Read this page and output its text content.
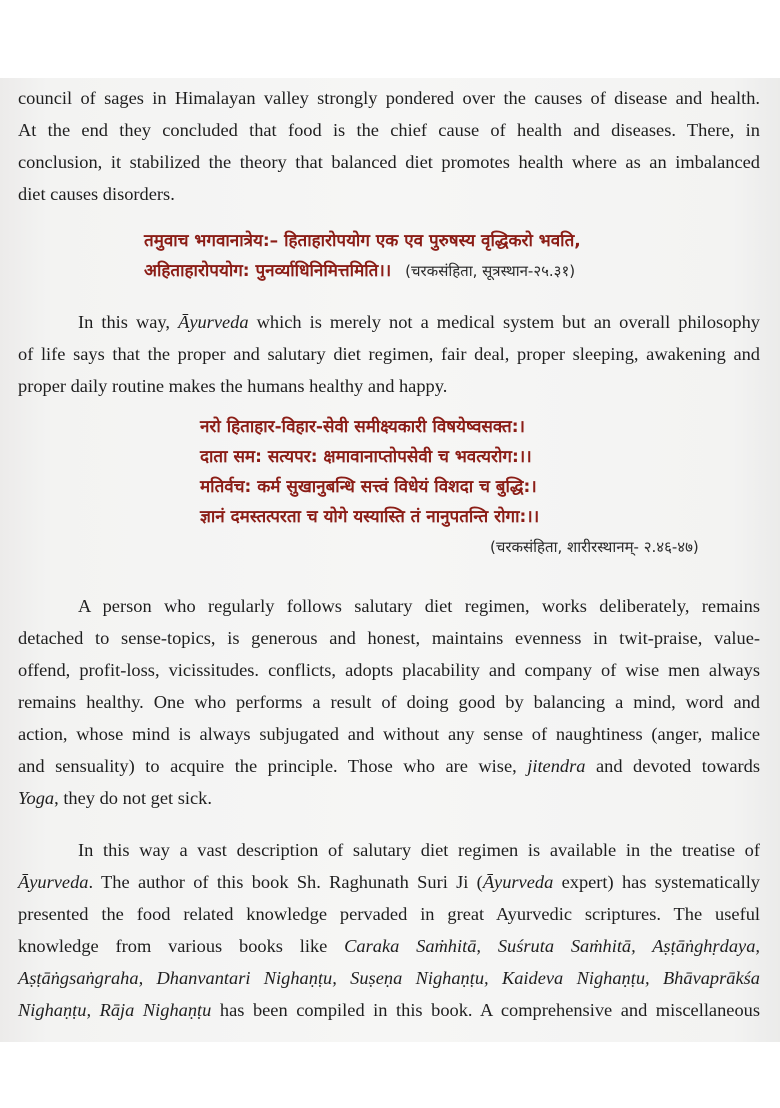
council of sages in Himalayan valley strongly pondered over the causes of disease and health.
At the end they concluded that food is the chief cause of health and diseases. There, in
conclusion, it stabilized the theory that balanced diet promotes health where as an imbalanced
diet causes disorders.
तमुवाच भगवानात्रेय:– हिताहारोपयोग एक एव पुरुषस्य वृद्धिकरो भवति,
अहिताहारोपयोग: पुनर्व्याधिनिमित्तमिति।। (चरकसंहिता, सूत्रस्थान-२५.३१)
In this way, Āyurveda which is merely not a medical system but an overall philosophy
of life says that the proper and salutary diet regimen, fair deal, proper sleeping, awakening and
proper daily routine makes the humans healthy and happy.
नरो हिताहार-विहार-सेवी समीक्ष्यकारी विषयेष्वसक्त:।
दाता सम: सत्यपर: क्षमावानाप्तोपसेवी च भवत्यरोग:।।
मतिर्वच: कर्म सुखानुबन्धि सत्त्वं विधेयं विशदा च बुद्धि:।
ज्ञानं दमस्तत्परता च योगे यस्यास्ति तं नानुपतन्ति रोगा:।।
(चरकसंहिता, शारीरस्थानम्- २.४६-४७)
A person who regularly follows salutary diet regimen, works deliberately, remains
detached to sense-topics, is generous and honest, maintains evenness in twit-praise, value-
offend, profit-loss, vicissitudes. conflicts, adopts placability and company of wise men always
remains healthy. One who performs a result of doing good by balancing a mind, word and
action, whose mind is always subjugated and without any sense of naughtiness (anger, malice
and sensuality) to acquire the principle. Those who are wise, jitendra and devoted towards
Yoga, they do not get sick.
In this way a vast description of salutary diet regimen is available in the treatise of
Āyurveda. The author of this book Sh. Raghunath Suri Ji (Āyurveda expert) has systematically
presented the food related knowledge pervaded in great Ayurvedic scriptures. The useful
knowledge from various books like Caraka Saṁhitā, Suśruta Saṁhitā, Aṣṭāṅghṛdaya,
Aṣṭāṅgsaṅgraha, Dhanvantari Nighaṇṭu, Suṣeṇa Nighaṇṭu, Kaideva Nighaṇṭu, Bhāvaprākśa
Nighaṇṭu, Rāja Nighaṇṭu has been compiled in this book. A comprehensive and miscellaneous
